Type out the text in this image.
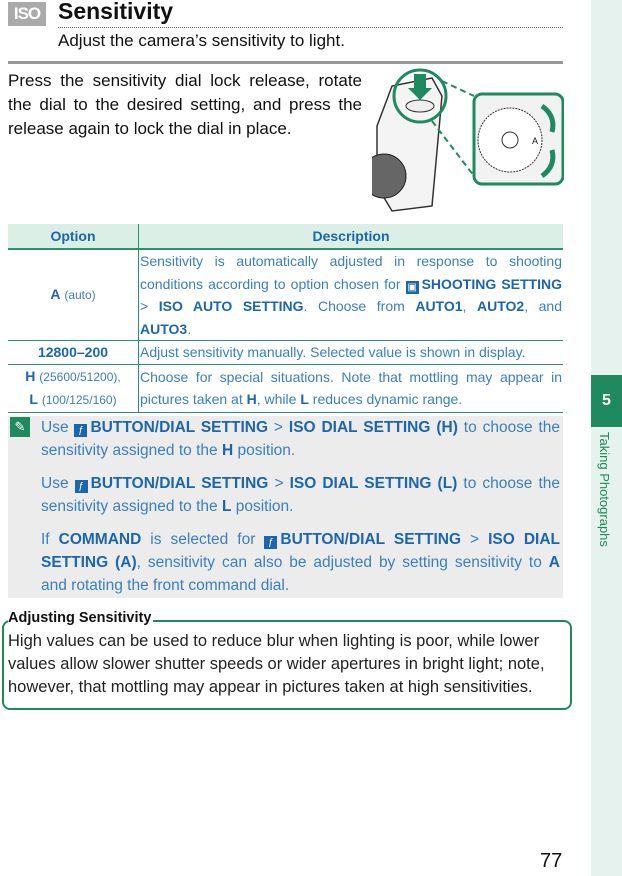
ISO Sensitivity
Adjust the camera’s sensitivity to light.
Press the sensitivity dial lock release, rotate the dial to the desired setting, and press the release again to lock the dial in place.
A
Option	Description
A (auto)	Sensitivity is automatically adjusted in response to shooting conditions according to option chosen for ▣ SHOOTING SETTING > ISO AUTO SETTING. Choose from AUTO1, AUTO2, and AUTO3.
12800–200	Adjust sensitivity manually. Selected value is shown in display.
H (25600/51200),
L (100/125/160)	Choose for special situations. Note that mottling may appear in pictures taken at H, while L reduces dynamic range.
✎ Use ƒ BUTTON/DIAL SETTING > ISO DIAL SETTING (H) to choose the sensitivity assigned to the H position.
Use ƒ BUTTON/DIAL SETTING > ISO DIAL SETTING (L) to choose the sensitivity assigned to the L position.
If COMMAND is selected for ƒ BUTTON/DIAL SETTING > ISO DIAL SETTING (A), sensitivity can also be adjusted by setting sensitivity to A and rotating the front command dial.
Adjusting Sensitivity
High values can be used to reduce blur when lighting is poor, while lower values allow slower shutter speeds or wider apertures in bright light; note, however, that mottling may appear in pictures taken at high sensitivities.
5
Taking Photographs
77
